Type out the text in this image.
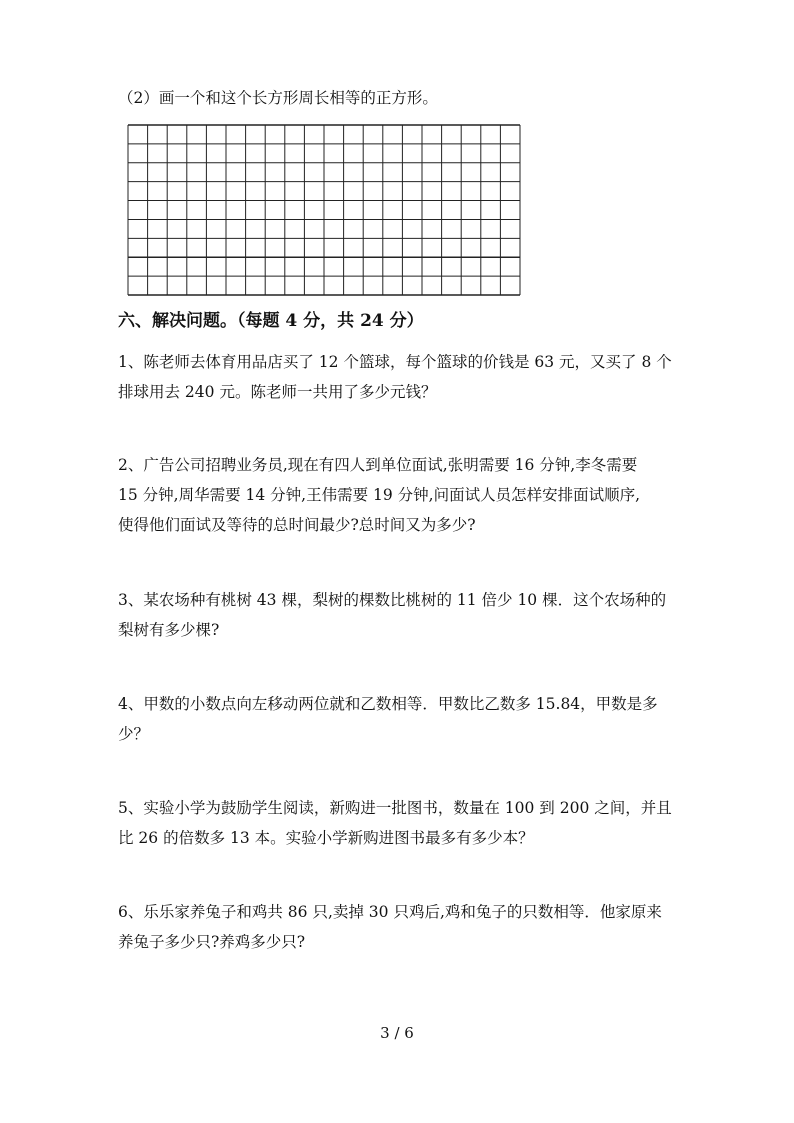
（2）画一个和这个长方形周长相等的正方形。
六、解决问题。（每题 4 分，共 24 分）
1、陈老师去体育用品店买了 12 个篮球，每个篮球的价钱是 63 元，又买了 8 个
排球用去 240 元。陈老师一共用了多少元钱？
2、广告公司招聘业务员,现在有四人到单位面试,张明需要 16 分钟,李冬需要
15 分钟,周华需要 14 分钟,王伟需要 19 分钟,问面试人员怎样安排面试顺序,
使得他们面试及等待的总时间最少?总时间又为多少?
3、某农场种有桃树 43 棵，梨树的棵数比桃树的 11 倍少 10 棵．这个农场种的
梨树有多少棵?
4、甲数的小数点向左移动两位就和乙数相等．甲数比乙数多 15.84，甲数是多
少？
5、实验小学为鼓励学生阅读，新购进一批图书，数量在 100 到 200 之间，并且
比 26 的倍数多 13 本。实验小学新购进图书最多有多少本？
6、乐乐家养兔子和鸡共 86 只,卖掉 30 只鸡后,鸡和兔子的只数相等．他家原来
养兔子多少只?养鸡多少只?
3 / 6
